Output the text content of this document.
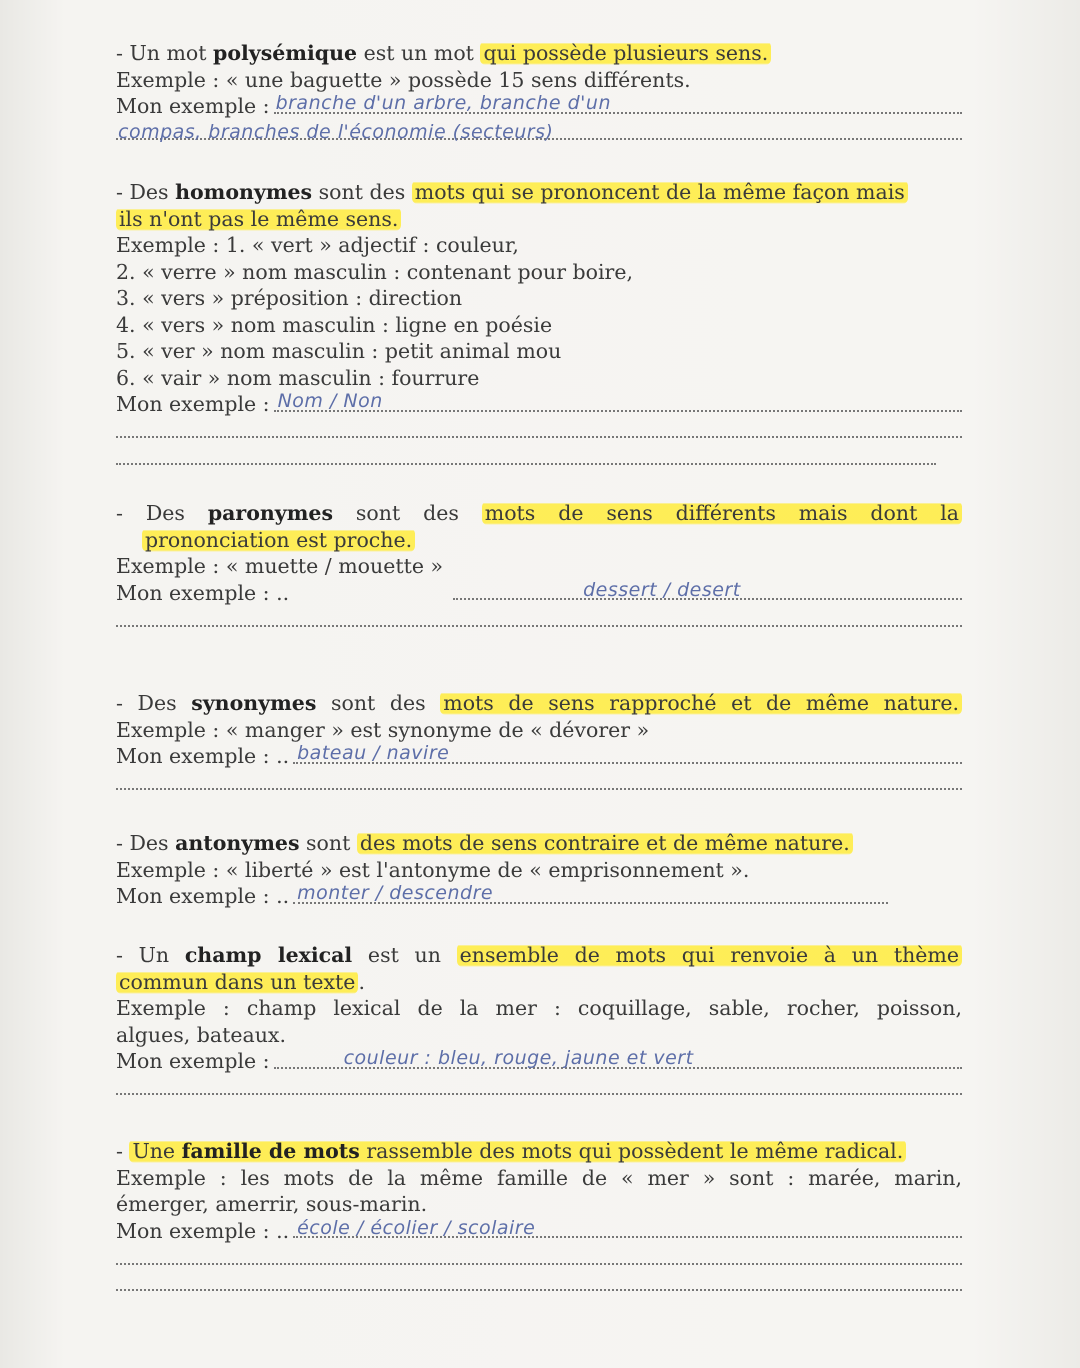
- Un mot polysémique est un mot qui possède plusieurs sens.
Exemple : « une baguette » possède 15 sens différents.
Mon exemple : branche d'un arbre, branche d'un
compas, branches de l'économie (secteurs)
- Des homonymes sont des mots qui se prononcent de la même façon mais
ils n'ont pas le même sens.
Exemple : 1. « vert » adjectif : couleur,
2. « verre » nom masculin : contenant pour boire,
3. « vers » préposition : direction
4. « vers » nom masculin : ligne en poésie
5. « ver » nom masculin : petit animal mou
6. « vair » nom masculin : fourrure
Mon exemple : Nom / Non
- Des paronymes sont des mots de sens différents mais dont la
prononciation est proche.
Exemple : « muette / mouette »
Mon exemple : ..	dessert / desert
- Des synonymes sont des mots de sens rapproché et de même nature.
Exemple : « manger » est synonyme de « dévorer »
Mon exemple : .. bateau / navire
- Des antonymes sont des mots de sens contraire et de même nature.
Exemple : « liberté » est l'antonyme de « emprisonnement ».
Mon exemple : .. monter / descendre
- Un champ lexical est un ensemble de mots qui renvoie à un thème
commun dans un texte .
Exemple : champ lexical de la mer : coquillage, sable, rocher, poisson,
algues, bateaux.
Mon exemple :	couleur : bleu, rouge, jaune et vert
- Une famille de mots rassemble des mots qui possèdent le même radical.
Exemple : les mots de la même famille de « mer » sont : marée, marin,
émerger, amerrir, sous-marin.
Mon exemple : .. école / écolier / scolaire
